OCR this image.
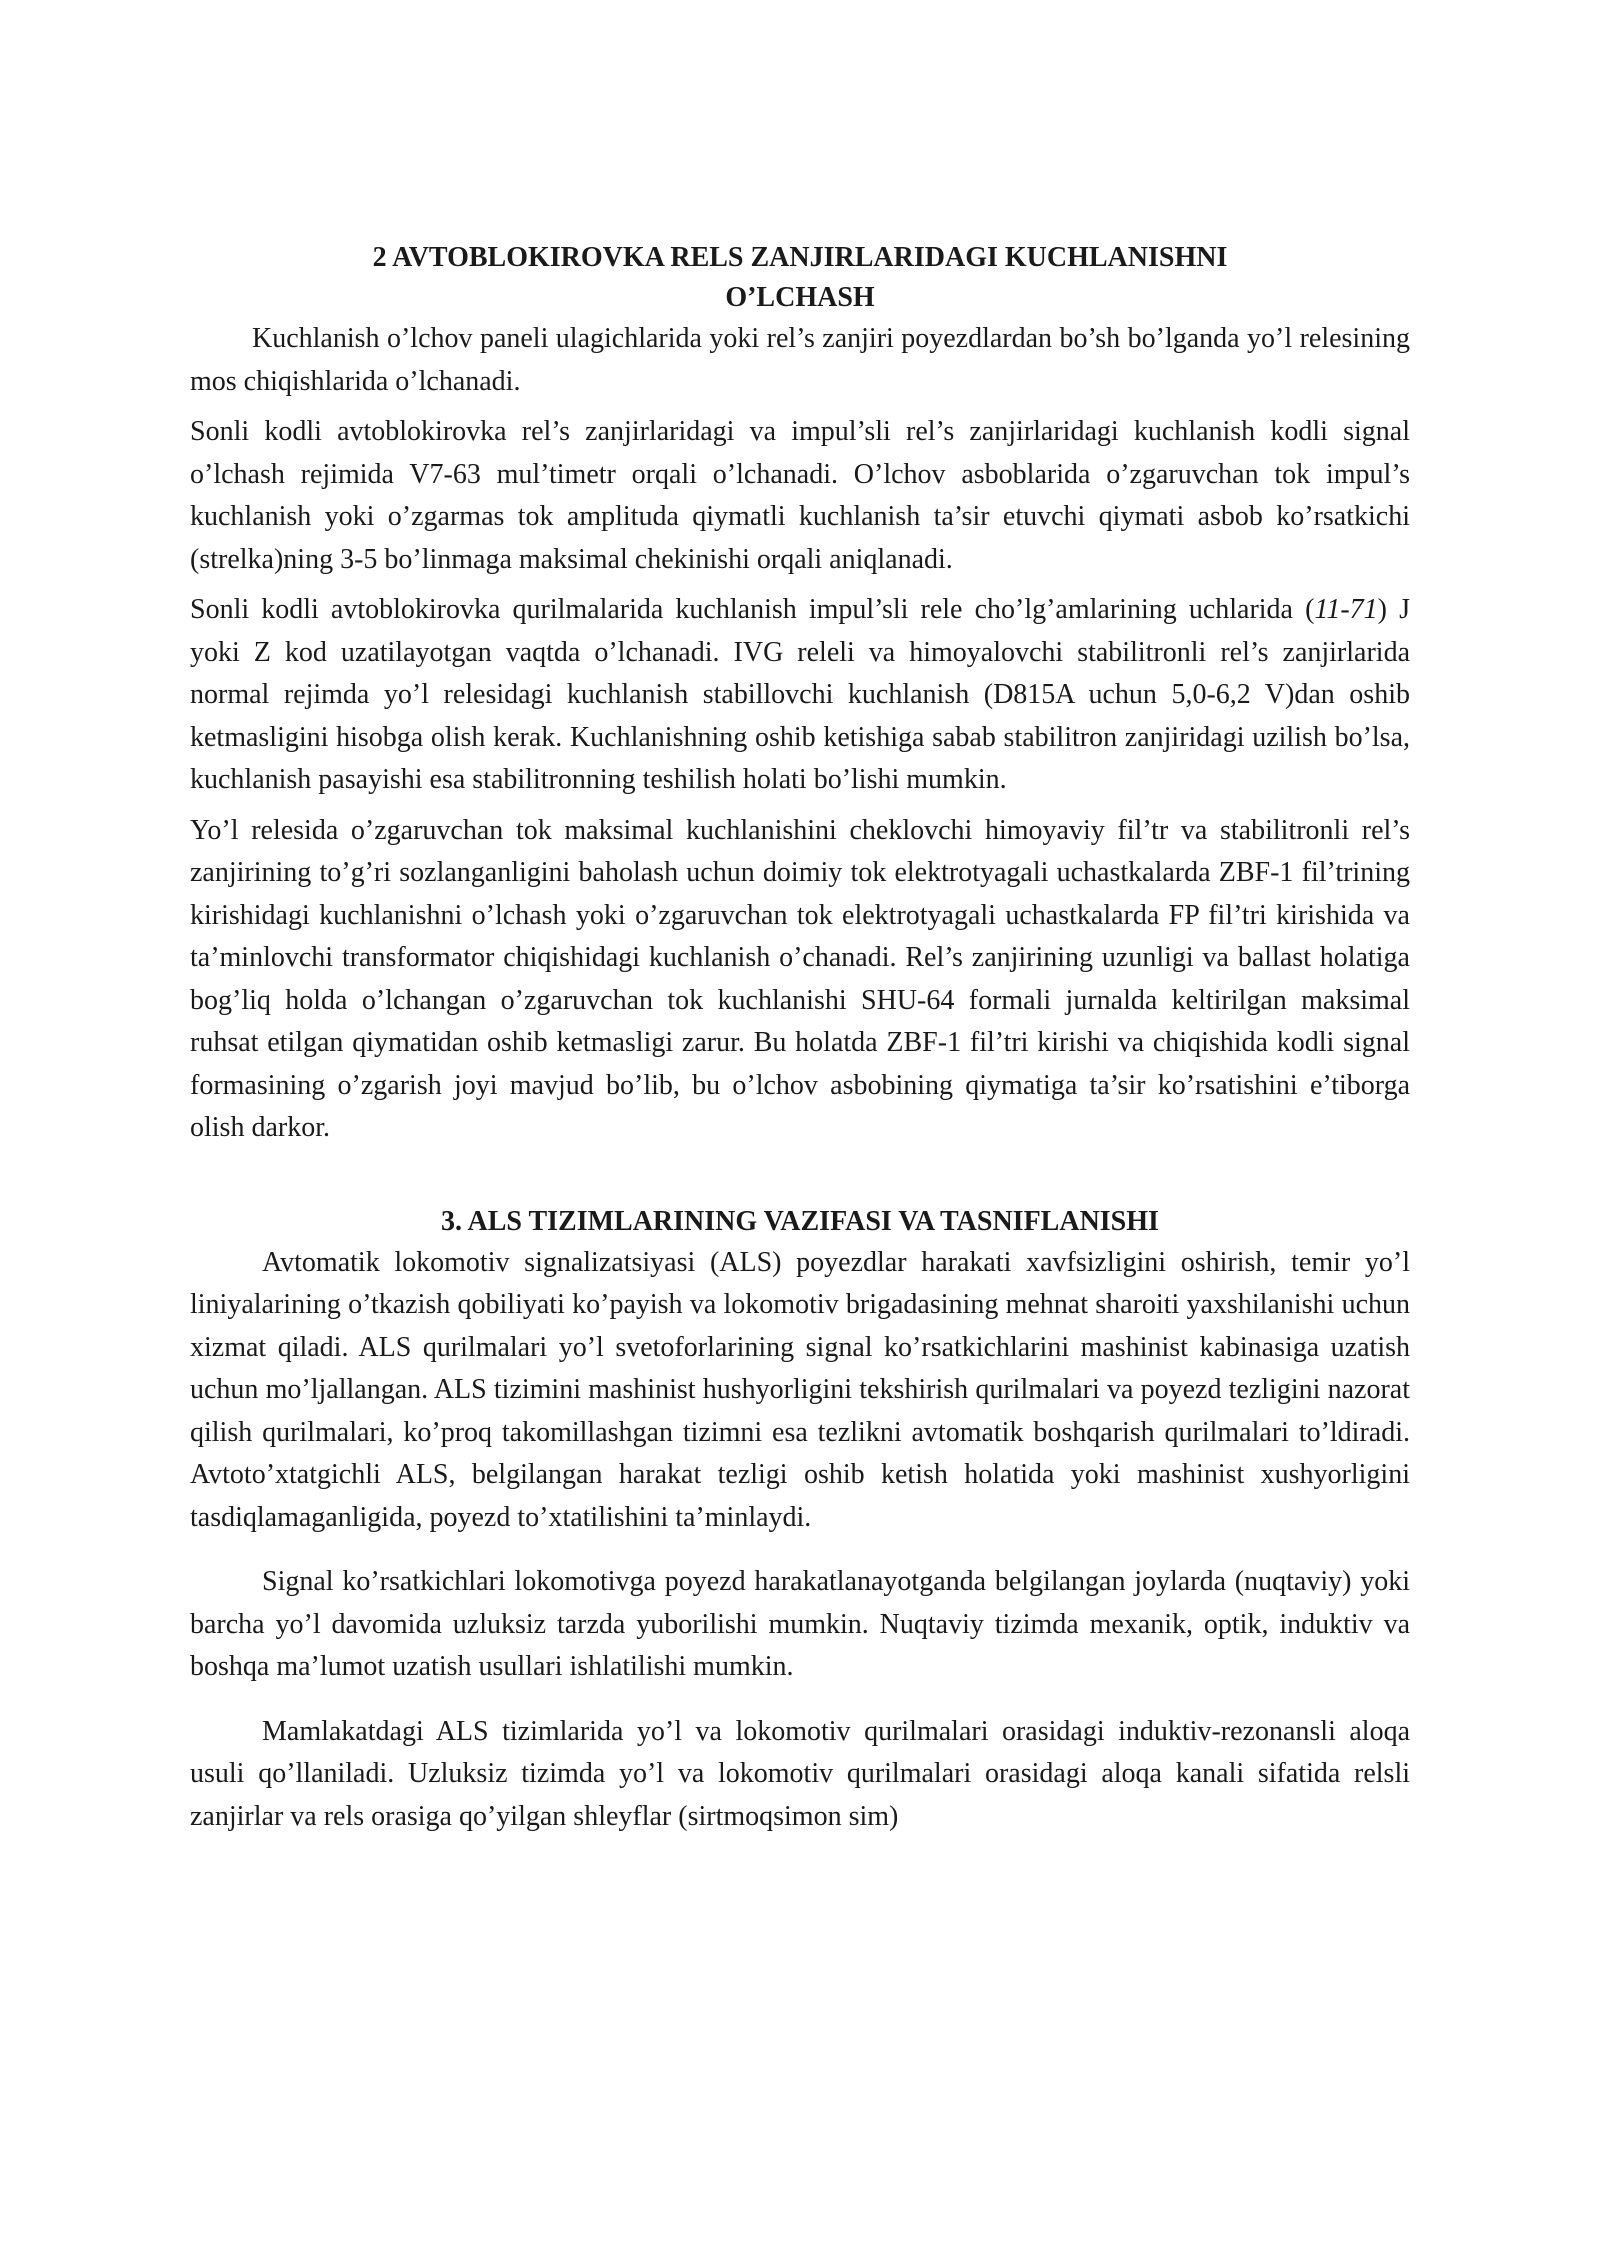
2 AVTOBLOKIROVKA RELS ZANJIRLARIDAGI KUCHLANISHNI
O’LCHASH

Kuchlanish o’lchov paneli ulagichlarida yoki rel’s zanjiri poyezdlardan bo’sh bo’lganda yo’l relesining mos chiqishlarida o’lchanadi.

Sonli kodli avtoblokirovka rel’s zanjirlaridagi va impul’sli rel’s zanjirlaridagi kuchlanish kodli signal o’lchash rejimida V7-63 mul’timetr orqali o’lchanadi. O’lchov asboblarida o’zgaruvchan tok impul’s kuchlanish yoki o’zgarmas tok amplituda qiymatli kuchlanish ta’sir etuvchi qiymati asbob ko’rsatkichi (strelka)ning 3-5 bo’linmaga maksimal chekinishi orqali aniqlanadi.

Sonli kodli avtoblokirovka qurilmalarida kuchlanish impul’sli rele cho’lg’amlarining uchlarida (11-71) J yoki Z kod uzatilayotgan vaqtda o’lchanadi. IVG releli va himoyalovchi stabilitronli rel’s zanjirlarida normal rejimda yo’l relesidagi kuchlanish stabillovchi kuchlanish (D815A uchun 5,0-6,2 V)dan oshib ketmasligini hisobga olish kerak. Kuchlanishning oshib ketishiga sabab stabilitron zanjiridagi uzilish bo’lsa, kuchlanish pasayishi esa stabilitronning teshilish holati bo’lishi mumkin.

Yo’l relesida o’zgaruvchan tok maksimal kuchlanishini cheklovchi himoyaviy fil’tr va stabilitronli rel’s zanjirining to’g’ri sozlanganligini baholash uchun doimiy tok elektrotyagali uchastkalarda ZBF-1 fil’trining kirishidagi kuchlanishni o’lchash yoki o’zgaruvchan tok elektrotyagali uchastkalarda FP fil’tri kirishida va ta’minlovchi transformator chiqishidagi kuchlanish o’chanadi. Rel’s zanjirining uzunligi va ballast holatiga bog’liq holda o’lchangan o’zgaruvchan tok kuchlanishi SHU-64 formali jurnalda keltirilgan maksimal ruhsat etilgan qiymatidan oshib ketmasligi zarur. Bu holatda ZBF-1 fil’tri kirishi va chiqishida kodli signal formasining o’zgarish joyi mavjud bo’lib, bu o’lchov asbobining qiymatiga ta’sir ko’rsatishini e’tiborga olish darkor.

3. ALS TIZIMLARINING VAZIFASI VA TASNIFLANISHI

Avtomatik lokomotiv signalizatsiyasi (ALS) poyezdlar harakati xavfsizligini oshirish, temir yo’l liniyalarining o’tkazish qobiliyati ko’payish va lokomotiv brigadasining mehnat sharoiti yaxshilanishi uchun xizmat qiladi. ALS qurilmalari yo’l svetoforlarining signal ko’rsatkichlarini mashinist kabinasiga uzatish uchun mo’ljallangan. ALS tizimini mashinist hushyorligini tekshirish qurilmalari va poyezd tezligini nazorat qilish qurilmalari, ko’proq takomillashgan tizimni esa tezlikni avtomatik boshqarish qurilmalari to’ldiradi. Avtoto’xtatgichli ALS, belgilangan harakat tezligi oshib ketish holatida yoki mashinist xushyorligini tasdiqlamaganligida, poyezd to’xtatilishini ta’minlaydi.

Signal ko’rsatkichlari lokomotivga poyezd harakatlanayotganda belgilangan joylarda (nuqtaviy) yoki barcha yo’l davomida uzluksiz tarzda yuborilishi mumkin. Nuqtaviy tizimda mexanik, optik, induktiv va boshqa ma’lumot uzatish usullari ishlatilishi mumkin.

Mamlakatdagi ALS tizimlarida yo’l va lokomotiv qurilmalari orasidagi induktiv-rezonansli aloqa usuli qo’llaniladi. Uzluksiz tizimda yo’l va lokomotiv qurilmalari orasidagi aloqa kanali sifatida relsli zanjirlar va rels orasiga qo’yilgan shleyflar (sirtmoqsimon sim)
